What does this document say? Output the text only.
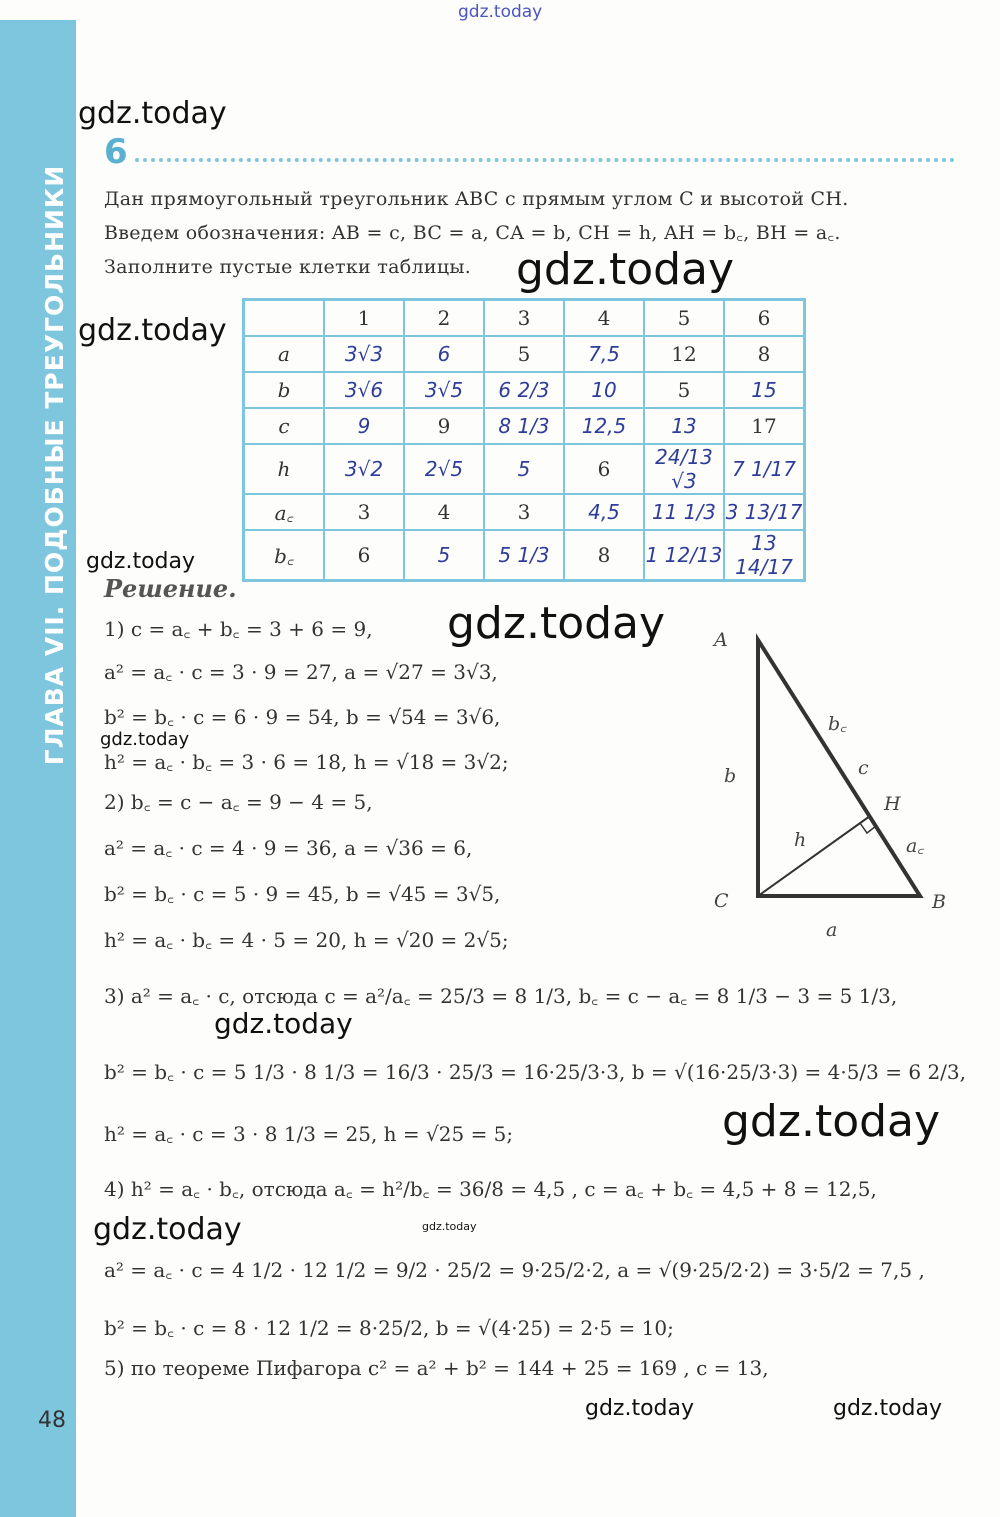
ГЛАВА VII. ПОДОБНЫЕ ТРЕУГОЛЬНИКИ
48
gdz.today
gdz.today
gdz.today
gdz.today
gdz.today
gdz.today
gdz.today
gdz.today
gdz.today
gdz.today	gdz.today
gdz.today	gdz.today
6

Дан прямоугольный треугольник ABC с прямым углом C и высотой CH.

Введем обозначения: AB = c, BC = a, CA = b, CH = h, AH = b꜀, BH = a꜀.

Заполните пустые клетки таблицы.

	1	2	3	4	5	6
a	3√3	6	5	7,5	12	8
b	3√6	3√5	6 2/3	10	5	15
c	9	9	8 1/3	12,5	13	17
h	3√2	2√5	5	6	24/13 √3	7 1/17
a꜀	3	4	3	4,5	11 1/3	3 13/17
b꜀	6	5	5 1/3	8	1 12/13	13 14/17
Решение.
1) c = a꜀ + b꜀ = 3 + 6 = 9,
a² = a꜀ · c = 3 · 9 = 27, a = √27 = 3√3,
b² = b꜀ · c = 6 · 9 = 54, b = √54 = 3√6,
h² = a꜀ · b꜀ = 3 · 6 = 18, h = √18 = 3√2;
2) b꜀ = c − a꜀ = 9 − 4 = 5,
a² = a꜀ · c = 4 · 9 = 36, a = √36 = 6,
b² = b꜀ · c = 5 · 9 = 45, b = √45 = 3√5,
h² = a꜀ · b꜀ = 4 · 5 = 20, h = √20 = 2√5;
3) a² = a꜀ · c, отсюда c = a²/a꜀ = 25/3 = 8 1/3, b꜀ = c − a꜀ = 8 1/3 − 3 = 5 1/3,
b² = b꜀ · c = 5 1/3 · 8 1/3 = 16/3 · 25/3 = 16·25/3·3, b = √(16·25/3·3) = 4·5/3 = 6 2/3,
h² = a꜀ · c = 3 · 8 1/3 = 25, h = √25 = 5;
4) h² = a꜀ · b꜀, отсюда a꜀ = h²/b꜀ = 36/8 = 4,5 , c = a꜀ + b꜀ = 4,5 + 8 = 12,5,
a² = a꜀ · c = 4 1/2 · 12 1/2 = 9/2 · 25/2 = 9·25/2·2, a = √(9·25/2·2) = 3·5/2 = 7,5 ,
b² = b꜀ · c = 8 · 12 1/2 = 8·25/2, b = √(4·25) = 2·5 = 10;
5) по теореме Пифагора c² = a² + b² = 144 + 25 = 169 , c = 13,
A
C	B
H
b
a
c
b꜀
a꜀
h
